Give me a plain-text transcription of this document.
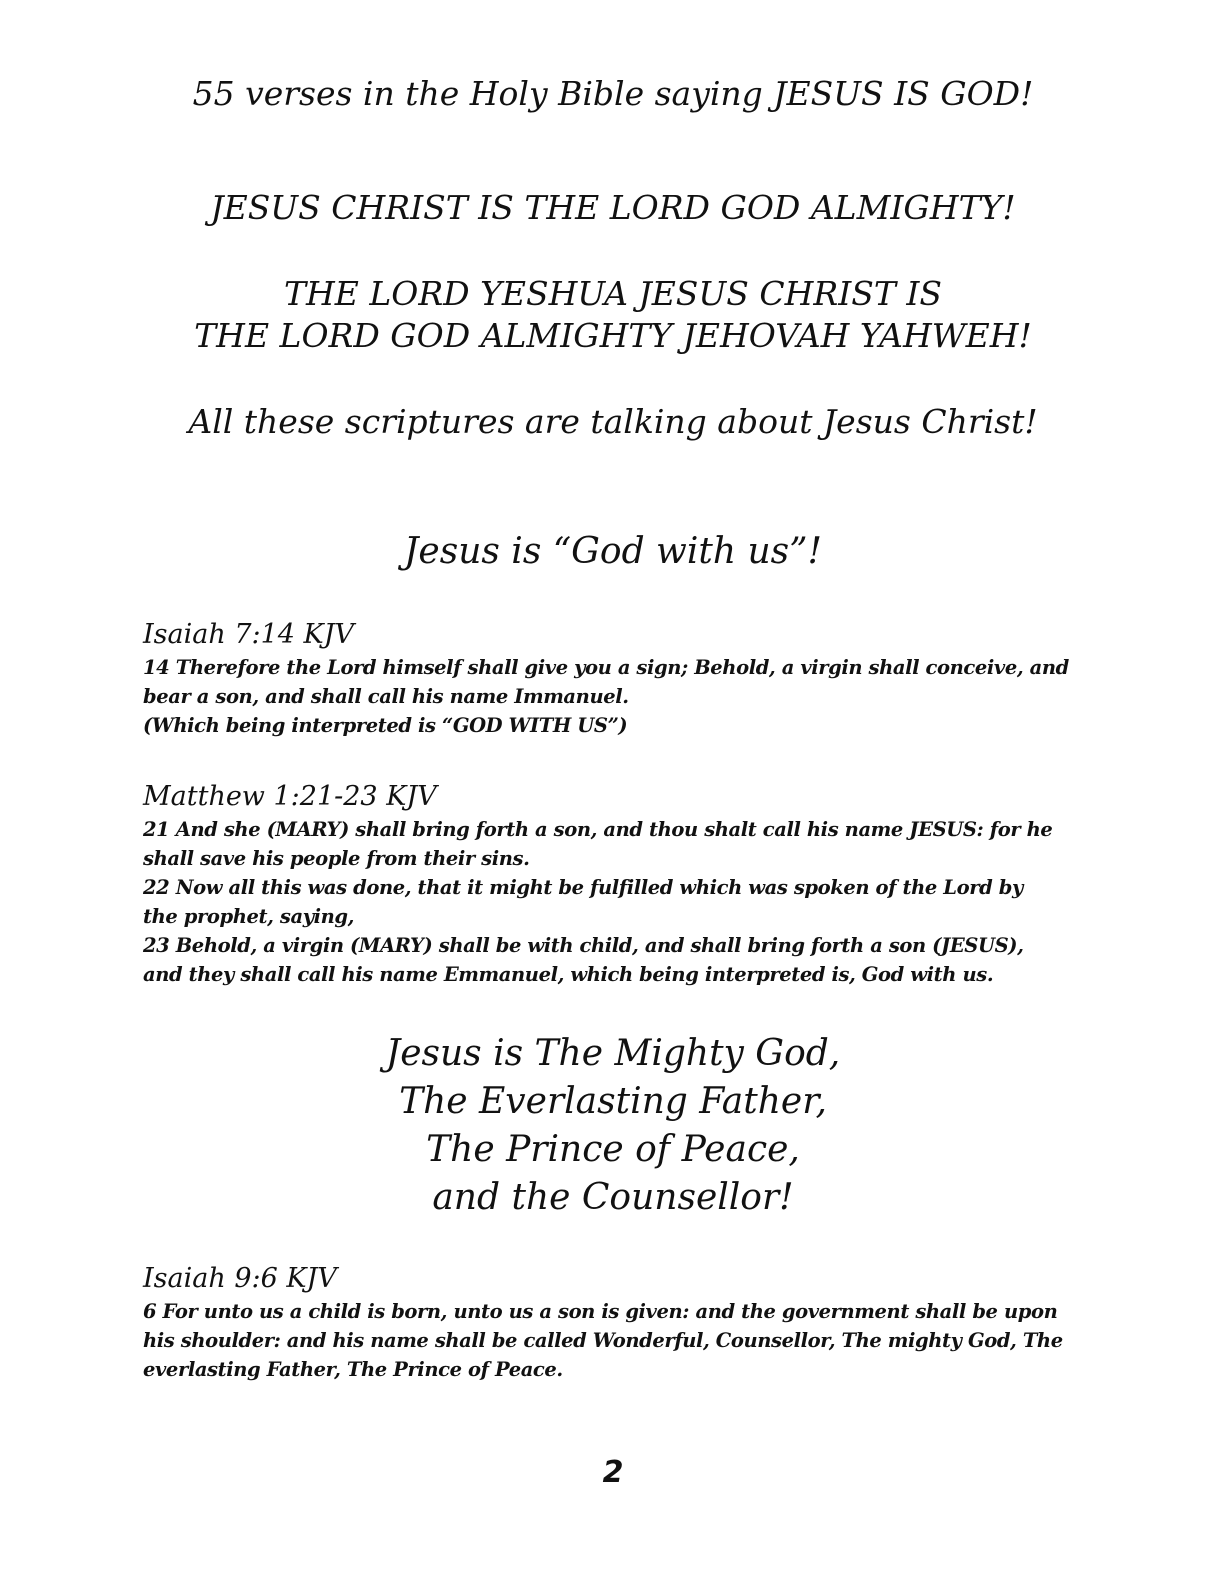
55 verses in the Holy Bible saying JESUS IS GOD!
JESUS CHRIST IS THE LORD GOD ALMIGHTY!
THE LORD YESHUA JESUS CHRIST IS
THE LORD GOD ALMIGHTY JEHOVAH YAHWEH!
All these scriptures are talking about Jesus Christ!
Jesus is “God with us”!
Isaiah 7:14 KJV
14 Therefore the Lord himself shall give you a sign; Behold, a virgin shall conceive, and
bear a son, and shall call his name Immanuel.
(Which being interpreted is “GOD WITH US”)
Matthew 1:21-23 KJV
21 And she (MARY) shall bring forth a son, and thou shalt call his name JESUS: for he
shall save his people from their sins.
22 Now all this was done, that it might be fulfilled which was spoken of the Lord by
the prophet, saying,
23 Behold, a virgin (MARY) shall be with child, and shall bring forth a son (JESUS),
and they shall call his name Emmanuel, which being interpreted is, God with us.
Jesus is The Mighty God,
The Everlasting Father,
The Prince of Peace,
and the Counsellor!
Isaiah 9:6 KJV
6 For unto us a child is born, unto us a son is given: and the government shall be upon
his shoulder: and his name shall be called Wonderful, Counsellor, The mighty God, The
everlasting Father, The Prince of Peace.
2
